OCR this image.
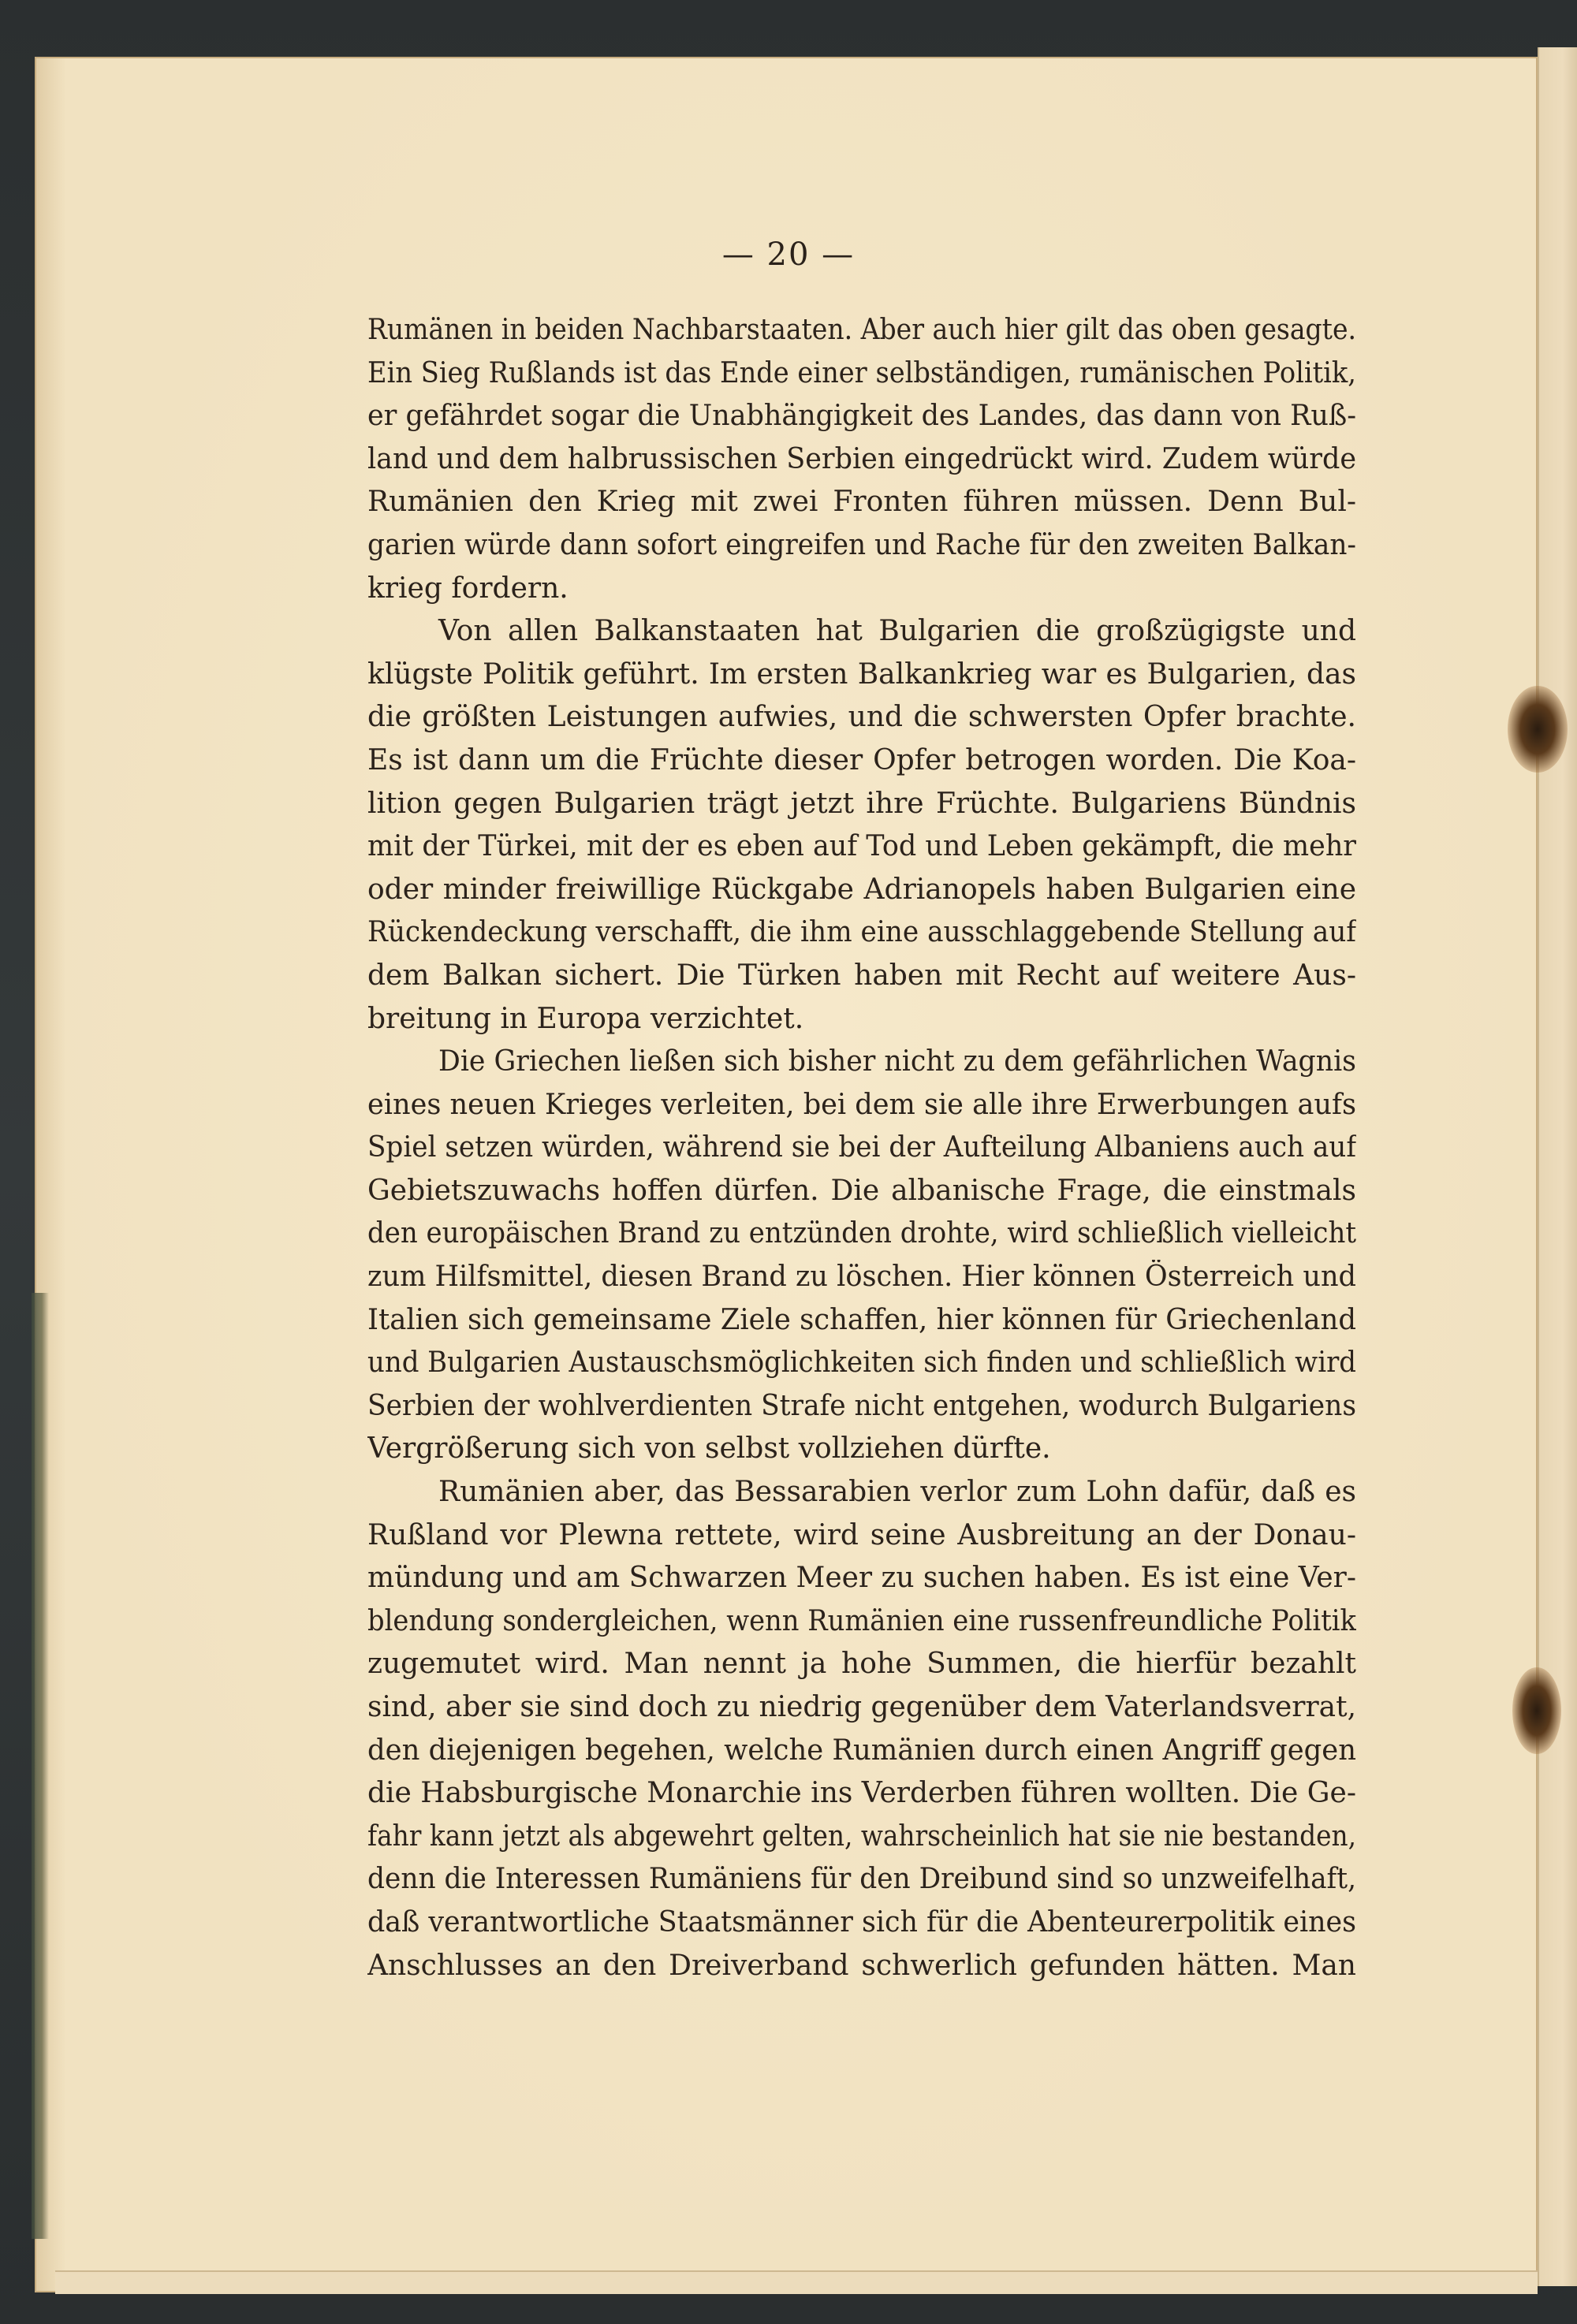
— 20 —
Rumänen in beiden Nachbarstaaten. Aber auch hier gilt das oben gesagte.
Ein Sieg Rußlands ist das Ende einer selbständigen, rumänischen Politik,
er gefährdet sogar die Unabhängigkeit des Landes, das dann von Ruß-
land und dem halbrussischen Serbien eingedrückt wird. Zudem würde
Rumänien den Krieg mit zwei Fronten führen müssen. Denn Bul-
garien würde dann sofort eingreifen und Rache für den zweiten Balkan-
krieg fordern.
Von allen Balkanstaaten hat Bulgarien die großzügigste und
klügste Politik geführt. Im ersten Balkankrieg war es Bulgarien, das
die größten Leistungen aufwies, und die schwersten Opfer brachte.
Es ist dann um die Früchte dieser Opfer betrogen worden. Die Koa-
lition gegen Bulgarien trägt jetzt ihre Früchte. Bulgariens Bündnis
mit der Türkei, mit der es eben auf Tod und Leben gekämpft, die mehr
oder minder freiwillige Rückgabe Adrianopels haben Bulgarien eine
Rückendeckung verschafft, die ihm eine ausschlaggebende Stellung auf
dem Balkan sichert. Die Türken haben mit Recht auf weitere Aus-
breitung in Europa verzichtet.
Die Griechen ließen sich bisher nicht zu dem gefährlichen Wagnis
eines neuen Krieges verleiten, bei dem sie alle ihre Erwerbungen aufs
Spiel setzen würden, während sie bei der Aufteilung Albaniens auch auf
Gebietszuwachs hoffen dürfen. Die albanische Frage, die einstmals
den europäischen Brand zu entzünden drohte, wird schließlich vielleicht
zum Hilfsmittel, diesen Brand zu löschen. Hier können Österreich und
Italien sich gemeinsame Ziele schaffen, hier können für Griechenland
und Bulgarien Austauschsmöglichkeiten sich finden und schließlich wird
Serbien der wohlverdienten Strafe nicht entgehen, wodurch Bulgariens
Vergrößerung sich von selbst vollziehen dürfte.
Rumänien aber, das Bessarabien verlor zum Lohn dafür, daß es
Rußland vor Plewna rettete, wird seine Ausbreitung an der Donau-
mündung und am Schwarzen Meer zu suchen haben. Es ist eine Ver-
blendung sondergleichen, wenn Rumänien eine russenfreundliche Politik
zugemutet wird. Man nennt ja hohe Summen, die hierfür bezahlt
sind, aber sie sind doch zu niedrig gegenüber dem Vaterlandsverrat,
den diejenigen begehen, welche Rumänien durch einen Angriff gegen
die Habsburgische Monarchie ins Verderben führen wollten. Die Ge-
fahr kann jetzt als abgewehrt gelten, wahrscheinlich hat sie nie bestanden,
denn die Interessen Rumäniens für den Dreibund sind so unzweifelhaft,
daß verantwortliche Staatsmänner sich für die Abenteurerpolitik eines
Anschlusses an den Dreiverband schwerlich gefunden hätten. Man
